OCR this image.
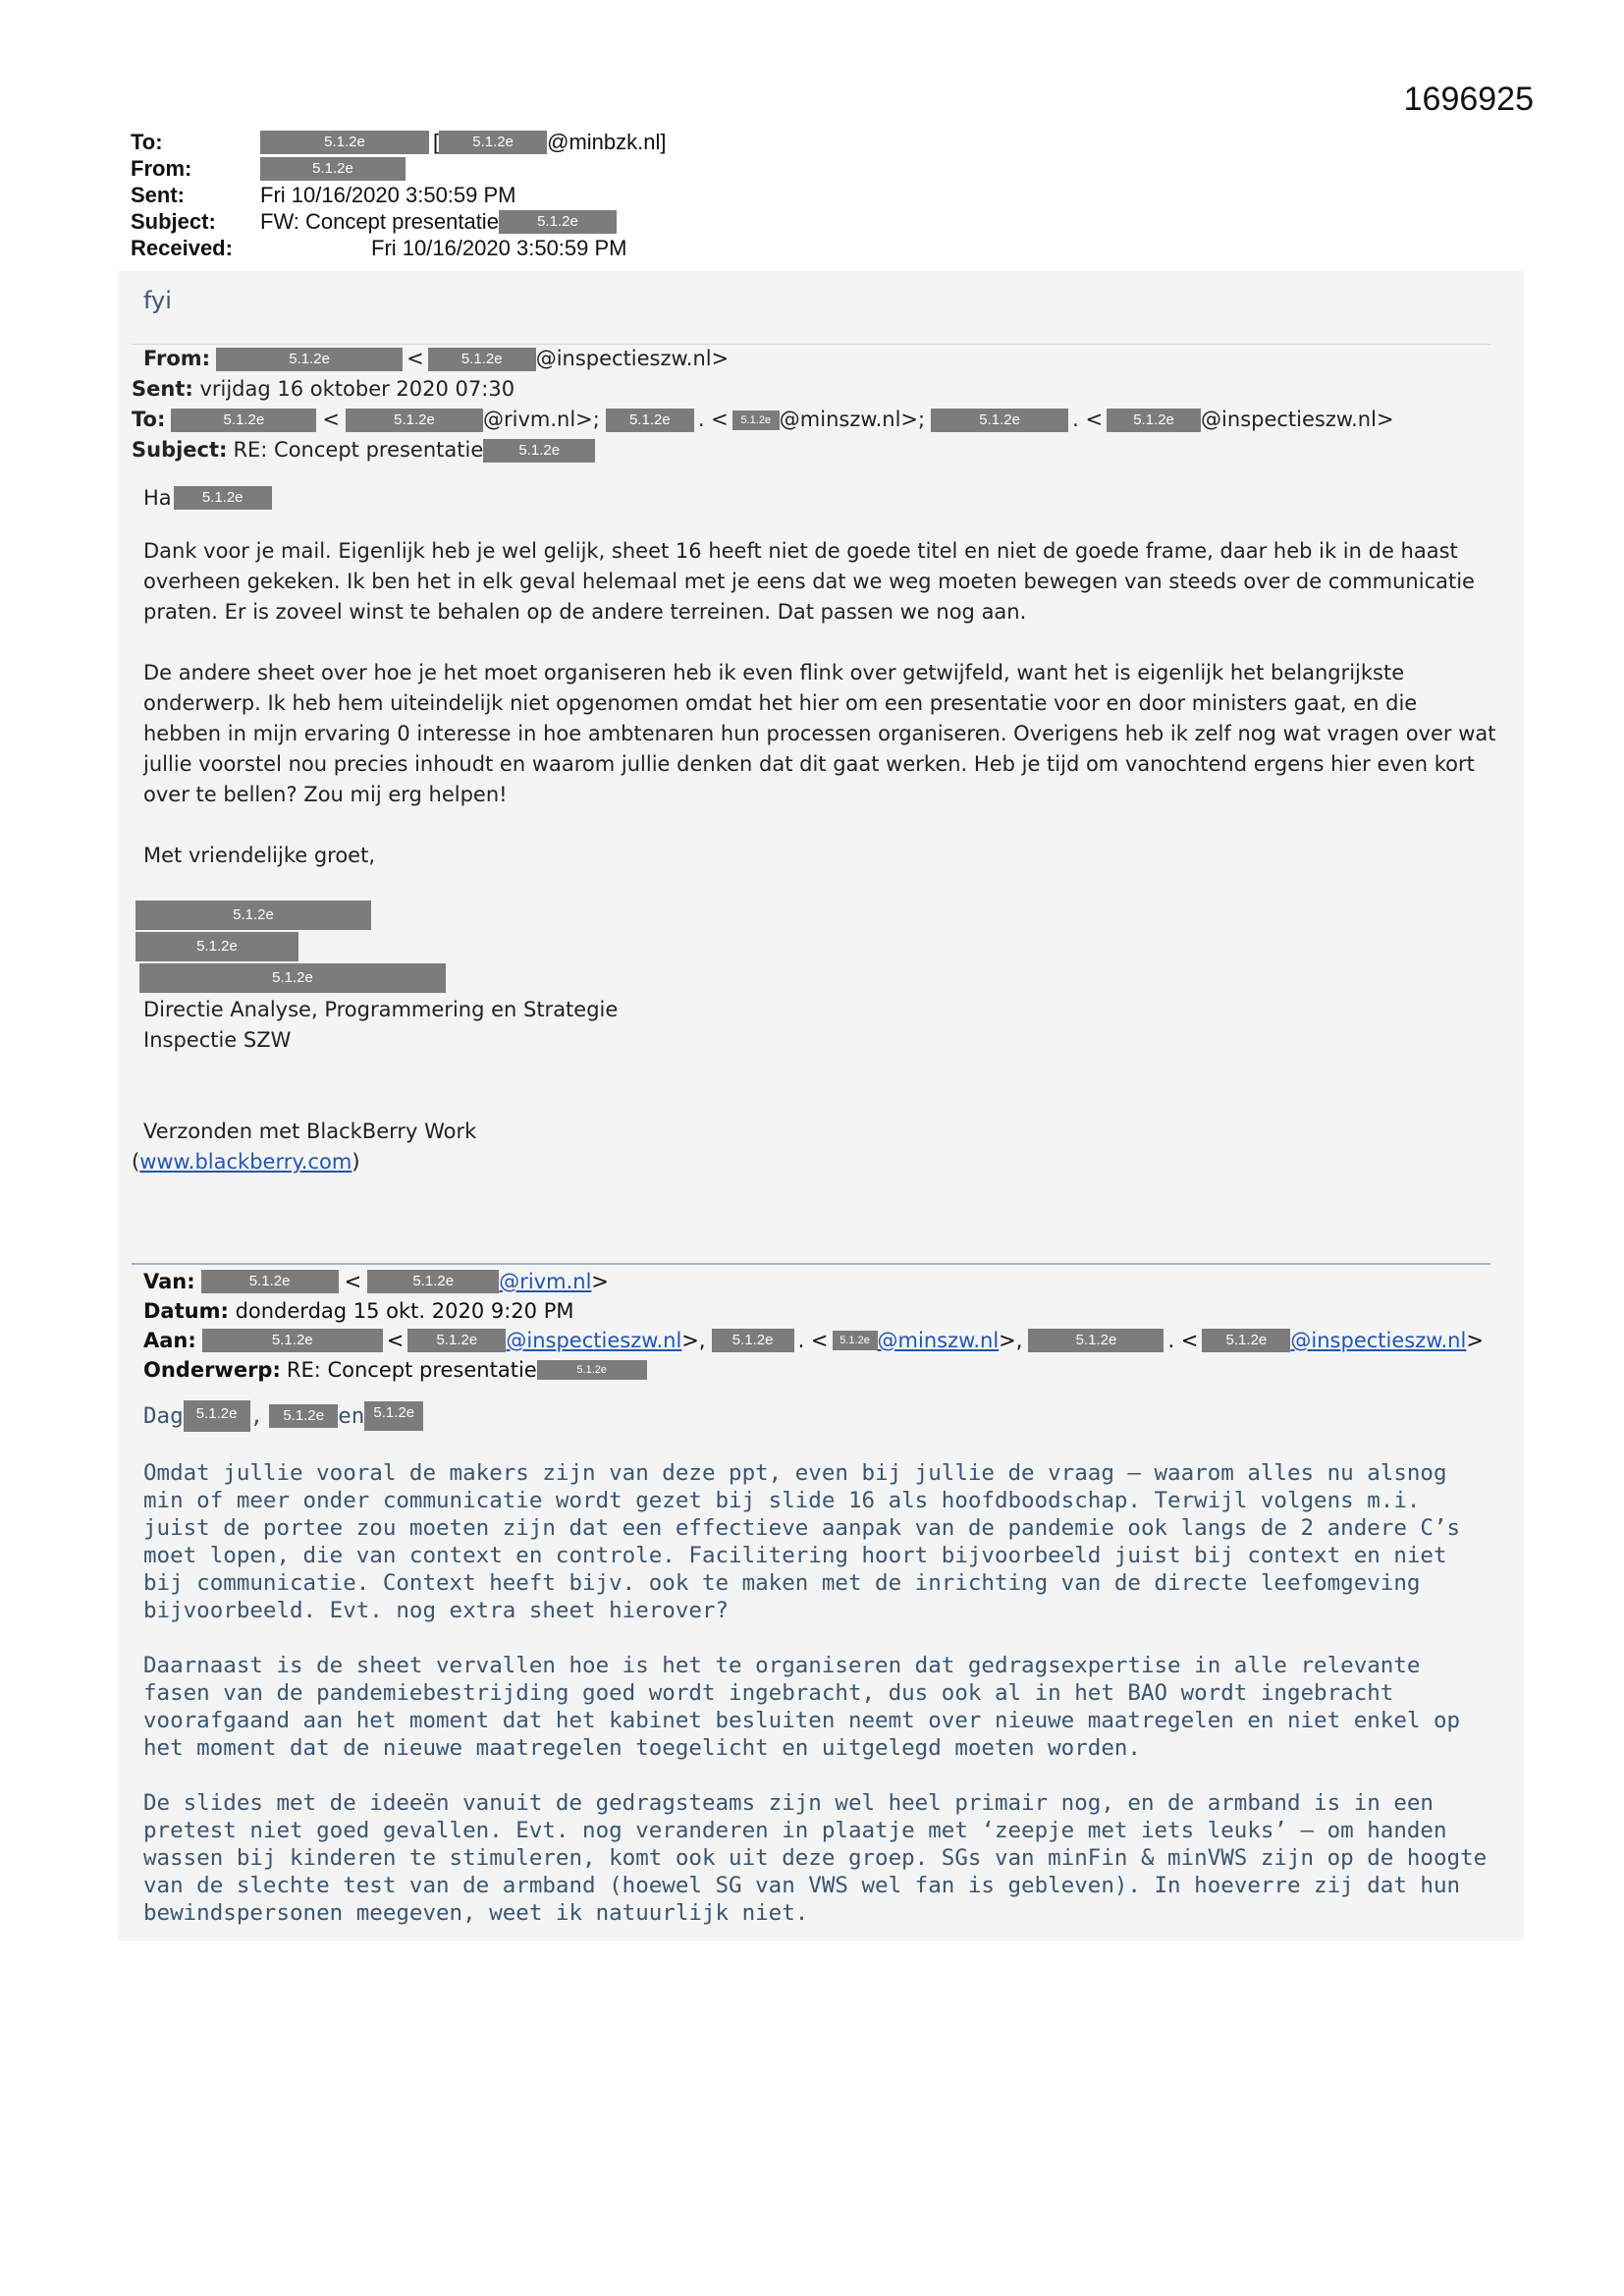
1696925
To:	5.1.2e	[	5.1.2e	@minbzk.nl]
From:	5.1.2e
Sent:	Fri 10/16/2020 3:50:59 PM
Subject:	FW: Concept presentatie	5.1.2e
Received:	Fri 10/16/2020 3:50:59 PM
fyi
From:	5.1.2e	<	5.1.2e	@inspectieszw.nl>
Sent: vrijdag 16 oktober 2020 07:30
To:	5.1.2e	<	5.1.2e	@rivm.nl>;	5.1.2e	. <	5.1.2e @minszw.nl>;	5.1.2e	. <	5.1.2e	@inspectieszw.nl>
Subject: RE: Concept presentatie	5.1.2e
Ha	5.1.2e

Dank voor je mail. Eigenlijk heb je wel gelijk, sheet 16 heeft niet de goede titel en niet de goede frame, daar heb ik in de haast overheen gekeken. Ik ben het in elk geval helemaal met je eens dat we weg moeten bewegen van steeds over de communicatie praten. Er is zoveel winst te behalen op de andere terreinen. Dat passen we nog aan.

De andere sheet over hoe je het moet organiseren heb ik even flink over getwijfeld, want het is eigenlijk het belangrijkste onderwerp. Ik heb hem uiteindelijk niet opgenomen omdat het hier om een presentatie voor en door ministers gaat, en die hebben in mijn ervaring 0 interesse in hoe ambtenaren hun processen organiseren. Overigens heb ik zelf nog wat vragen over wat jullie voorstel nou precies inhoudt en waarom jullie denken dat dit gaat werken. Heb je tijd om vanochtend ergens hier even kort over te bellen? Zou mij erg helpen!

Met vriendelijke groet,

5.1.2e
5.1.2e
5.1.2e

Directie Analyse, Programmering en Strategie

Inspectie SZW

Verzonden met BlackBerry Work

(www.blackberry.com)

Van:	5.1.2e	<	5.1.2e	@rivm.nl >
Datum: donderdag 15 okt. 2020 9:20 PM
Aan:	5.1.2e	<	5.1.2e	@inspectieszw.nl >,	5.1.2e	. <	5.1.2e @minszw.nl >,	5.1.2e	. <	5.1.2e	@inspectieszw.nl >
Onderwerp: RE: Concept presentatie	5.1.2e
Dag 5.1.2e ,	5.1.2e en 5.1.2e

Omdat jullie vooral de makers zijn van deze ppt, even bij jullie de vraag – waarom alles nu alsnog min of meer onder communicatie wordt gezet bij slide 16 als hoofdboodschap. Terwijl volgens m.i. juist de portee zou moeten zijn dat een effectieve aanpak van de pandemie ook langs de 2 andere C’s moet lopen, die van context en controle. Facilitering hoort bijvoorbeeld juist bij context en niet bij communicatie. Context heeft bijv. ook te maken met de inrichting van de directe leefomgeving bijvoorbeeld. Evt. nog extra sheet hierover?

Daarnaast is de sheet vervallen hoe is het te organiseren dat gedragsexpertise in alle relevante fasen van de pandemiebestrijding goed wordt ingebracht, dus ook al in het BAO wordt ingebracht voorafgaand aan het moment dat het kabinet besluiten neemt over nieuwe maatregelen en niet enkel op het moment dat de nieuwe maatregelen toegelicht en uitgelegd moeten worden.

De slides met de ideeën vanuit de gedragsteams zijn wel heel primair nog, en de armband is in een pretest niet goed gevallen. Evt. nog veranderen in plaatje met ‘zeepje met iets leuks’ – om handen wassen bij kinderen te stimuleren, komt ook uit deze groep. SGs van minFin & minVWS zijn op de hoogte van de slechte test van de armband (hoewel SG van VWS wel fan is gebleven). In hoeverre zij dat hun bewindspersonen meegeven, weet ik natuurlijk niet.
